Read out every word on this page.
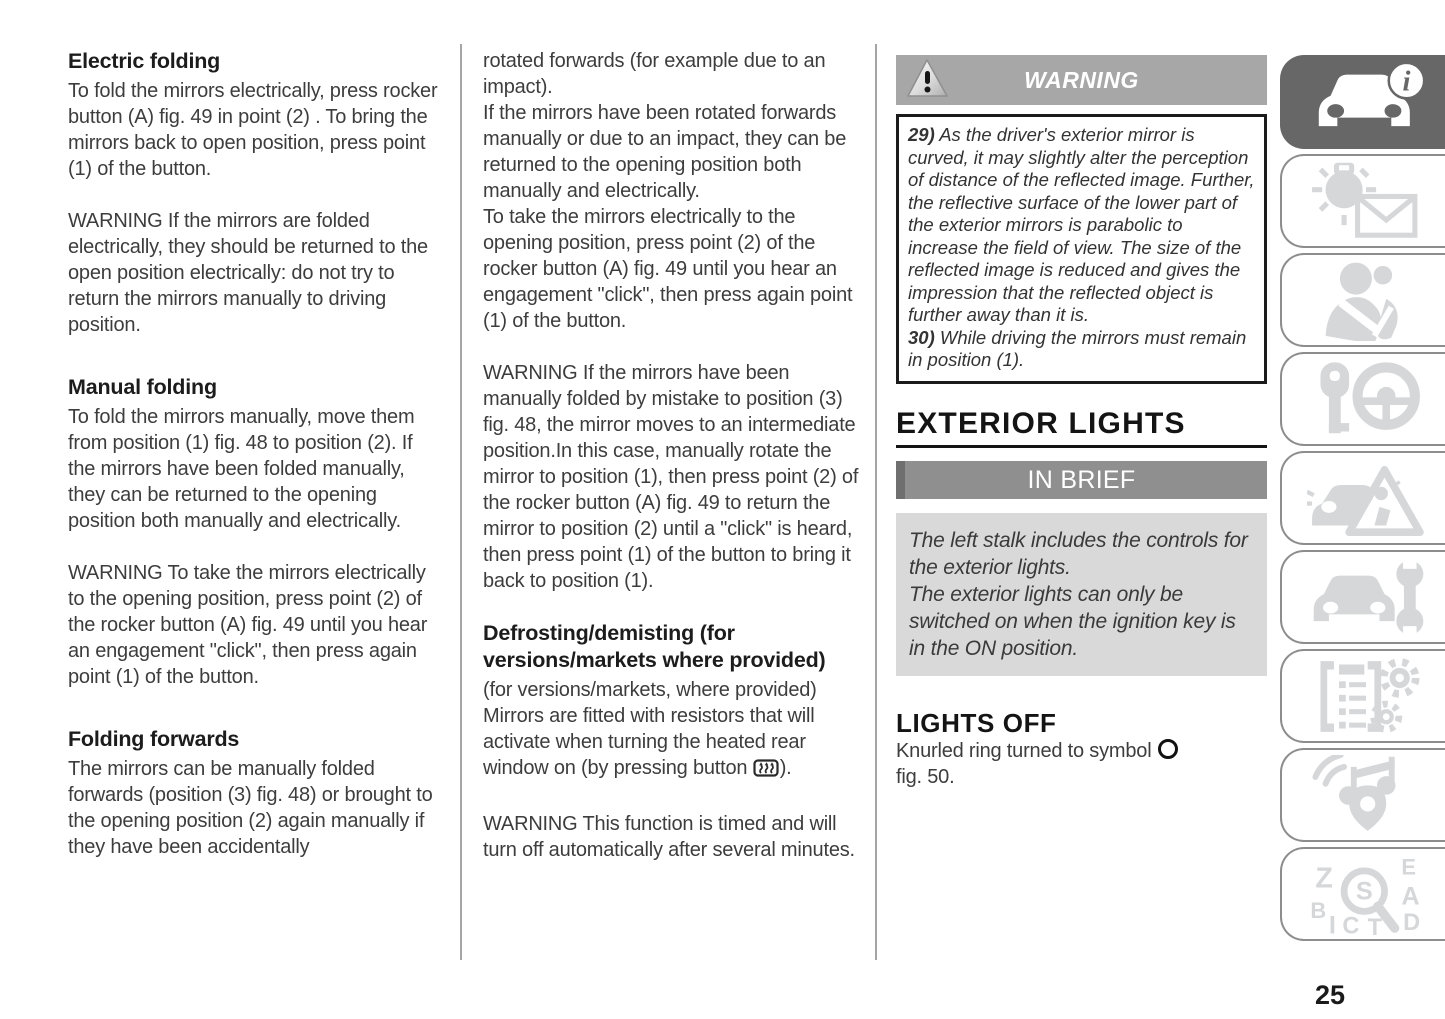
Electric folding

To fold the mirrors electrically, press rocker button (A) fig. 49 in point (2) . To bring the mirrors back to open position, press point (1) of the button.

WARNING If the mirrors are folded electrically, they should be returned to the open position electrically: do not try to return the mirrors manually to driving position.

Manual folding

To fold the mirrors manually, move them from position (1) fig. 48 to position (2). If the mirrors have been folded manually, they can be returned to the opening position both manually and electrically.

WARNING To take the mirrors electrically to the opening position, press point (2) of the rocker button (A) fig. 49 until you hear an engagement "click", then press again point (1) of the button.

Folding forwards

The mirrors can be manually folded forwards (position (3) fig. 48) or brought to the opening position (2) again manually if they have been accidentally

rotated forwards (for example due to an impact).

If the mirrors have been rotated forwards manually or due to an impact, they can be returned to the opening position both manually and electrically.

To take the mirrors electrically to the opening position, press point (2) of the rocker button (A) fig. 49 until you hear an engagement "click", then press again point (1) of the button.

WARNING If the mirrors have been manually folded by mistake to position (3) fig. 48, the mirror moves to an intermediate position.In this case, manually rotate the mirror to position (1), then press point (2) of the rocker button (A) fig. 49 to return the mirror to position (2) until a "click" is heard, then press point (1) of the button to bring it back to position (1).

Defrosting/demisting (for versions/markets where provided)

(for versions/markets, where provided) Mirrors are fitted with resistors that will activate when turning the heated rear window on (by pressing button ).

WARNING This function is timed and will turn off automatically after several minutes.

WARNING

29) As the driver's exterior mirror is curved, it may slightly alter the perception of distance of the reflected image. Further, the reflective surface of the lower part of the exterior mirrors is parabolic to increase the field of view. The size of the reflected image is reduced and gives the impression that the reflected object is further away than it is.

30) While driving the mirrors must remain in position (1).

EXTERIOR LIGHTS
IN BRIEF

The left stalk includes the controls for the exterior lights.

The exterior lights can only be switched on when the ignition key is in the ON position.

LIGHTS OFF

Knurled ring turned to symbol

fig. 50.

i
Z	E
B	A
I C	D
T
S
25
